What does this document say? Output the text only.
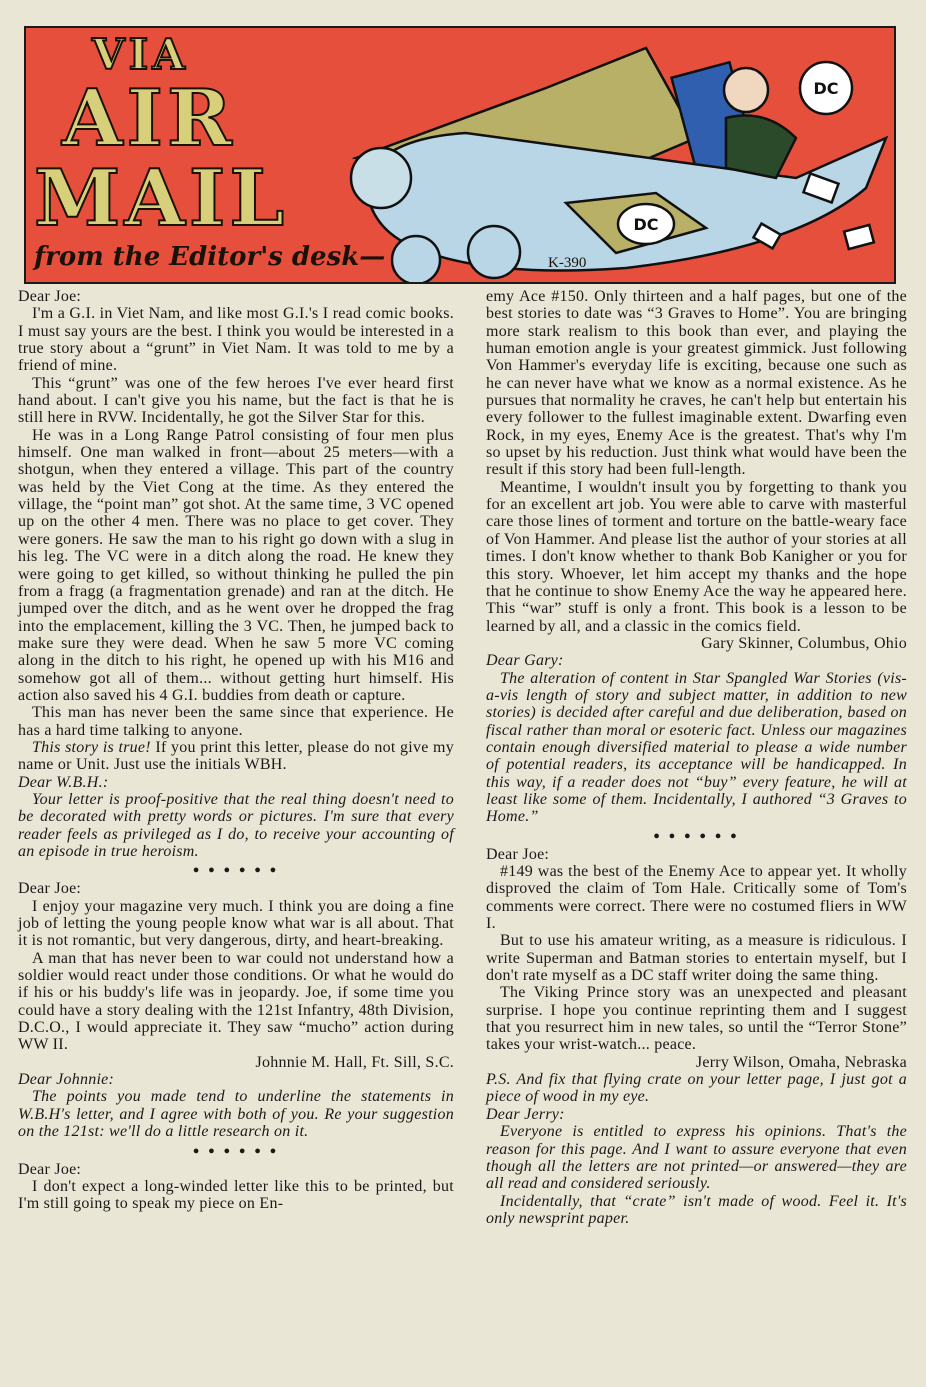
VIA
AIR
MAIL
from the Editor's desk—
DC
DC
K-390

Dear Joe:

I'm a G.I. in Viet Nam, and like most G.I.'s I read comic books. I must say yours are the best. I think you would be interested in a true story about a “grunt” in Viet Nam. It was told to me by a friend of mine.

This “grunt” was one of the few heroes I've ever heard first hand about. I can't give you his name, but the fact is that he is still here in RVW. Incidentally, he got the Silver Star for this.

He was in a Long Range Patrol consisting of four men plus himself. One man walked in front—about 25 meters—with a shotgun, when they entered a village. This part of the country was held by the Viet Cong at the time. As they entered the village, the “point man” got shot. At the same time, 3 VC opened up on the other 4 men. There was no place to get cover. They were goners. He saw the man to his right go down with a slug in his leg. The VC were in a ditch along the road. He knew they were going to get killed, so without thinking he pulled the pin from a fragg (a fragmentation grenade) and ran at the ditch. He jumped over the ditch, and as he went over he dropped the frag into the emplacement, killing the 3 VC. Then, he jumped back to make sure they were dead. When he saw 5 more VC coming along in the ditch to his right, he opened up with his M16 and somehow got all of them... without getting hurt himself. His action also saved his 4 G.I. buddies from death or capture.

This man has never been the same since that experience. He has a hard time talking to anyone.

This story is true! If you print this letter, please do not give my name or Unit. Just use the initials WBH.

Dear W.B.H.:

Your letter is proof-positive that the real thing doesn't need to be decorated with pretty words or pictures. I'm sure that every reader feels as privileged as I do, to receive your accounting of an episode in true heroism.

● ● ● ● ● ●

Dear Joe:

I enjoy your magazine very much. I think you are doing a fine job of letting the young people know what war is all about. That it is not romantic, but very dangerous, dirty, and heart-breaking.

A man that has never been to war could not understand how a soldier would react under those conditions. Or what he would do if his or his buddy's life was in jeopardy. Joe, if some time you could have a story dealing with the 121st Infantry, 48th Division, D.C.O., I would appreciate it. They saw “mucho” action during WW II.

Johnnie M. Hall, Ft. Sill, S.C.

Dear Johnnie:

The points you made tend to underline the statements in W.B.H's letter, and I agree with both of you. Re your suggestion on the 121st: we'll do a little research on it.

● ● ● ● ● ●

Dear Joe:

I don't expect a long-winded letter like this to be printed, but I'm still going to speak my piece on En-

emy Ace #150. Only thirteen and a half pages, but one of the best stories to date was “3 Graves to Home”. You are bringing more stark realism to this book than ever, and playing the human emotion angle is your greatest gimmick. Just following Von Hammer's everyday life is exciting, because one such as he can never have what we know as a normal existence. As he pursues that normality he craves, he can't help but entertain his every follower to the fullest imaginable extent. Dwarfing even Rock, in my eyes, Enemy Ace is the greatest. That's why I'm so upset by his reduction. Just think what would have been the result if this story had been full-length.

Meantime, I wouldn't insult you by forgetting to thank you for an excellent art job. You were able to carve with masterful care those lines of torment and torture on the battle-weary face of Von Hammer. And please list the author of your stories at all times. I don't know whether to thank Bob Kanigher or you for this story. Whoever, let him accept my thanks and the hope that he continue to show Enemy Ace the way he appeared here. This “war” stuff is only a front. This book is a lesson to be learned by all, and a classic in the comics field.

Gary Skinner, Columbus, Ohio

Dear Gary:

The alteration of content in Star Spangled War Stories (vis-a-vis length of story and subject matter, in addition to new stories) is decided after careful and due deliberation, based on fiscal rather than moral or esoteric fact. Unless our magazines contain enough diversified material to please a wide number of potential readers, its acceptance will be handicapped. In this way, if a reader does not “buy” every feature, he will at least like some of them. Incidentally, I authored “3 Graves to Home.”

● ● ● ● ● ●

Dear Joe:

#149 was the best of the Enemy Ace to appear yet. It wholly disproved the claim of Tom Hale. Critically some of Tom's comments were correct. There were no costumed fliers in WW I.

But to use his amateur writing, as a measure is ridiculous. I write Superman and Batman stories to entertain myself, but I don't rate myself as a DC staff writer doing the same thing.

The Viking Prince story was an unexpected and pleasant surprise. I hope you continue reprinting them and I suggest that you resurrect him in new tales, so until the “Terror Stone” takes your wrist-watch... peace.

Jerry Wilson, Omaha, Nebraska

P.S. And fix that flying crate on your letter page, I just got a piece of wood in my eye.

Dear Jerry:

Everyone is entitled to express his opinions. That's the reason for this page. And I want to assure everyone that even though all the letters are not printed—or answered—they are all read and considered seriously.

Incidentally, that “crate” isn't made of wood. Feel it. It's only newsprint paper.
